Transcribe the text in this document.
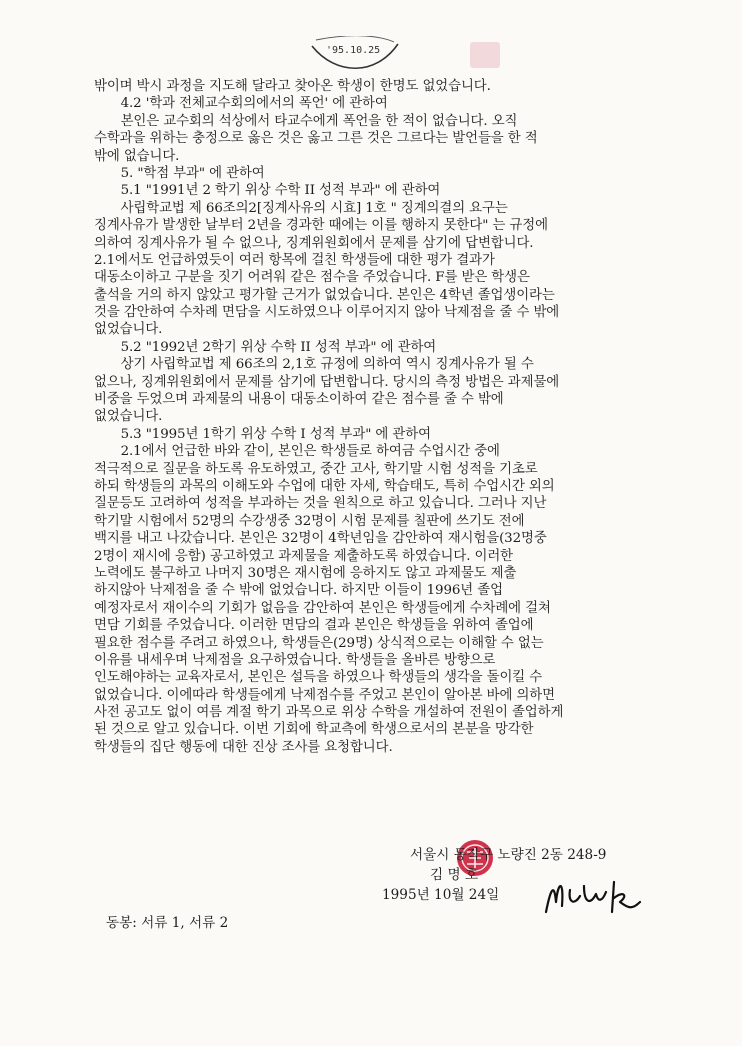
'95.10.25
밖이며 박시 과정을 지도해 달라고 찾아온 학생이 한명도 없었습니다.
　　4.2 '학과 전체교수회의에서의 폭언' 에 관하여
　　본인은 교수회의 석상에서 타교수에게 폭언을 한 적이 없습니다. 오직
수학과을 위하는 충정으로 옳은 것은 옳고 그른 것은 그르다는 발언들을 한 적
밖에 없습니다.
　　5. "학점 부과" 에 관하여
　　5.1 "1991년 2 학기 위상 수학 II 성적 부과" 에 관하여
　　사립학교법 제 66조의2[징계사유의 시효] 1호 " 징계의결의 요구는
징계사유가 발생한 날부터 2년을 경과한 때에는 이를 행하지 못한다" 는 규정에
의하여 징계사유가 될 수 없으나, 징계위원회에서 문제를 삼기에 답변합니다.
2.1에서도 언급하였듯이 여러 항목에 걸친 학생들에 대한 평가 결과가
대동소이하고 구분을 짓기 어려워 같은 점수을 주었습니다. F를 받은 학생은
출석을 거의 하지 않았고 평가할 근거가 없었습니다. 본인은 4학년 졸업생이라는
것을 감안하여 수차례 면담을 시도하였으나 이루어지지 않아 낙제점을 줄 수 밖에
없었습니다.
　　5.2 "1992년 2학기 위상 수학 II 성적 부과" 에 관하여
　　상기 사립학교법 제 66조의 2,1호 규정에 의하여 역시 징계사유가 될 수
없으나, 징계위원회에서 문제를 삼기에 답변합니다. 당시의 측정 방법은 과제물에
비중을 두었으며 과제물의 내용이 대동소이하여 같은 점수를 줄 수 밖에
없었습니다.
　　5.3 "1995년 1학기 위상 수학 I 성적 부과" 에 관하여
　　2.1에서 언급한 바와 같이, 본인은 학생들로 하여금 수업시간 중에
적극적으로 질문을 하도록 유도하였고, 중간 고사, 학기말 시험 성적을 기초로
하되 학생들의 과목의 이해도와 수업에 대한 자세, 학습태도, 특히 수업시간 외의
질문등도 고려하여 성적을 부과하는 것을 원칙으로 하고 있습니다. 그러나 지난
학기말 시험에서 52명의 수강생중 32명이 시험 문제를 칠판에 쓰기도 전에
백지를 내고 나갔습니다. 본인은 32명이 4학년임을 감안하여 재시험을(32명중
2명이 재시에 응함) 공고하였고 과제물을 제출하도록 하였습니다. 이러한
노력에도 불구하고 나머지 30명은 재시험에 응하지도 않고 과제물도 제출
하지않아 낙제점을 줄 수 밖에 없었습니다. 하지만 이들이 1996년 졸업
예정자로서 재이수의 기회가 없음을 감안하여 본인은 학생들에게 수차례에 걸쳐
면담 기회를 주었습니다. 이러한 면담의 결과 본인은 학생들을 위하여 졸업에
필요한 점수를 주려고 하였으나, 학생들은(29명) 상식적으로는 이해할 수 없는
이유를 내세우며 낙제점을 요구하였습니다. 학생들을 올바른 방향으로
인도해야하는 교육자로서, 본인은 설득을 하였으나 학생들의 생각을 돌이킬 수
없었습니다. 이에따라 학생들에게 낙제점수를 주었고 본인이 알아본 바에 의하면
사전 공고도 없이 여름 계절 학기 과목으로 위상 수학을 개설하여 전원이 졸업하게
된 것으로 알고 있습니다. 이번 기회에 학교측에 학생으로서의 본분을 망각한
학생들의 집단 행동에 대한 진상 조사를 요청합니다.
서울시 동작구 노량진 2동 248-9
김 명 호
1995년 10월 24일
동봉: 서류 1, 서류 2
